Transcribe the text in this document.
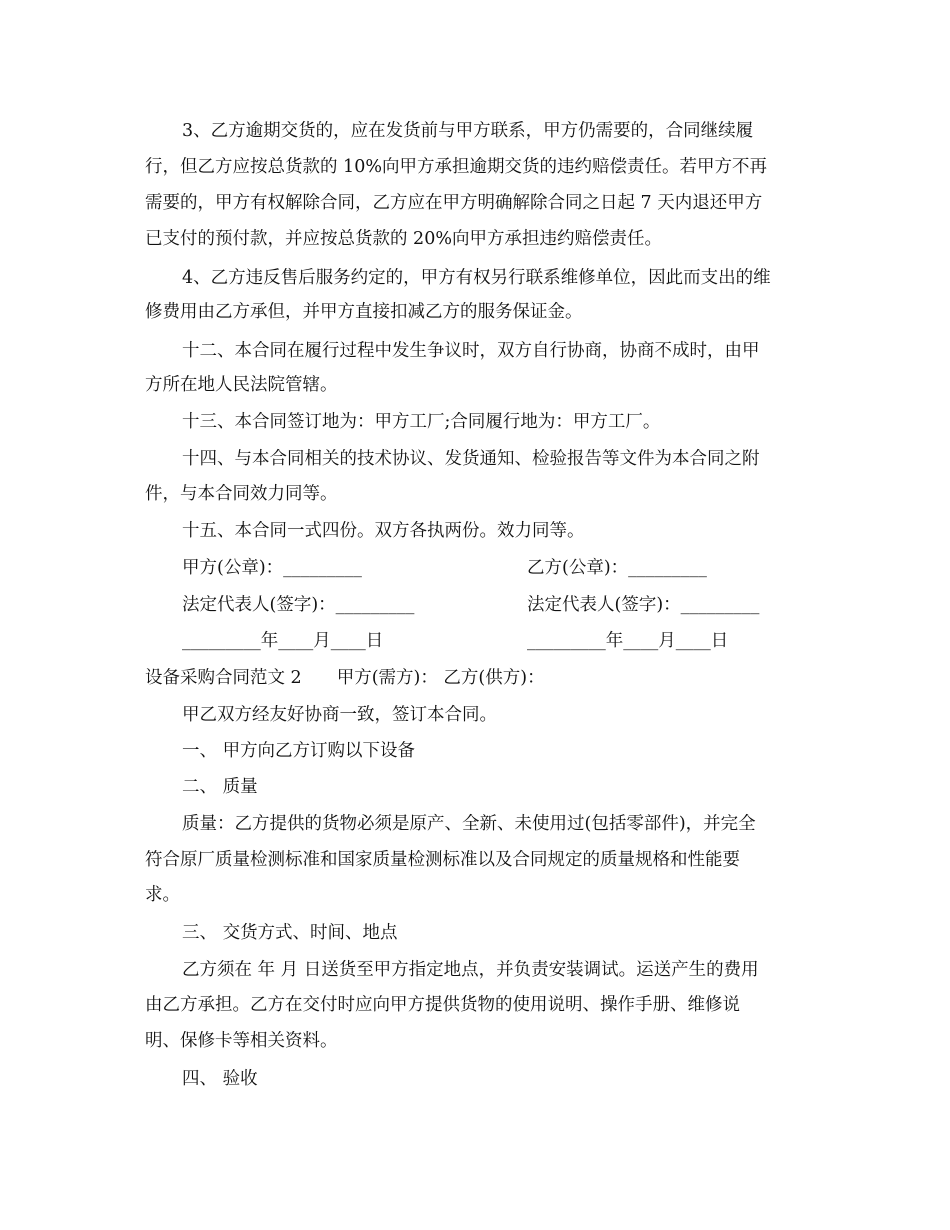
3、乙方逾期交货的，应在发货前与甲方联系，甲方仍需要的，合同继续履
行，但乙方应按总货款的 10%向甲方承担逾期交货的违约赔偿责任。若甲方不再
需要的，甲方有权解除合同，乙方应在甲方明确解除合同之日起 7 天内退还甲方
已支付的预付款，并应按总货款的 20%向甲方承担违约赔偿责任。
4、乙方违反售后服务约定的，甲方有权另行联系维修单位，因此而支出的维
修费用由乙方承但，并甲方直接扣减乙方的服务保证金。
十二、本合同在履行过程中发生争议时，双方自行协商，协商不成时，由甲
方所在地人民法院管辖。
十三、本合同签订地为：甲方工厂;合同履行地为：甲方工厂。
十四、与本合同相关的技术协议、发货通知、检验报告等文件为本合同之附
件，与本合同效力同等。
十五、本合同一式四份。双方各执两份。效力同等。
甲方(公章)：_________	乙方(公章)：_________
法定代表人(签字)：_________	法定代表人(签字)：_________
_________年____月____日	_________年____月____日
设备采购合同范文 2　　甲方(需方)： 乙方(供方)：
甲乙双方经友好协商一致，签订本合同。
一、 甲方向乙方订购以下设备
二、 质量
质量：乙方提供的货物必须是原产、全新、未使用过(包括零部件)，并完全
符合原厂质量检测标准和国家质量检测标准以及合同规定的质量规格和性能要
求。
三、 交货方式、时间、地点
乙方须在 年 月 日送货至甲方指定地点，并负责安装调试。运送产生的费用
由乙方承担。乙方在交付时应向甲方提供货物的使用说明、操作手册、维修说
明、保修卡等相关资料。
四、 验收
